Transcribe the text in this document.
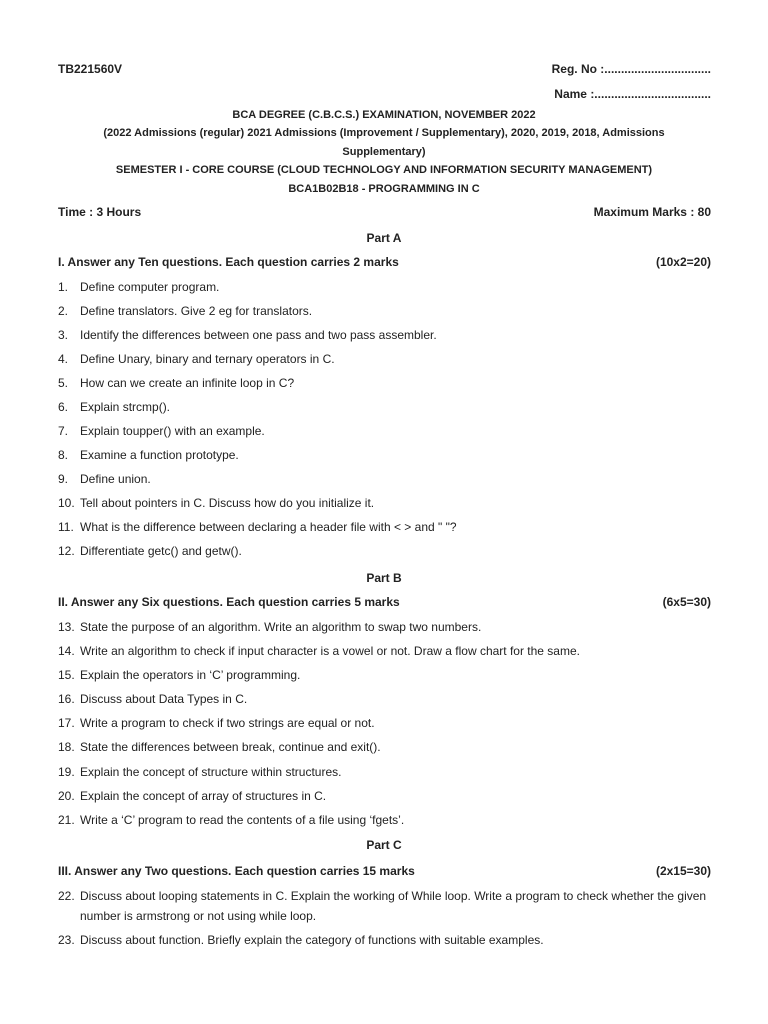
TB221560V	Reg. No :................................
Name :...................................
BCA DEGREE (C.B.C.S.) EXAMINATION, NOVEMBER 2022
(2022 Admissions (regular) 2021 Admissions (Improvement / Supplementary), 2020, 2019, 2018, Admissions
Supplementary)
SEMESTER I - CORE COURSE (CLOUD TECHNOLOGY AND INFORMATION SECURITY MANAGEMENT)
BCA1B02B18 - PROGRAMMING IN C
Time : 3 Hours	Maximum Marks : 80
Part A
I. Answer any Ten questions. Each question carries 2 marks	(10x2=20)
1. Define computer program.
2. Define translators. Give 2 eg for translators.
3. Identify the differences between one pass and two pass assembler.
4. Define Unary, binary and ternary operators in C.
5. How can we create an infinite loop in C?
6. Explain strcmp().
7. Explain toupper() with an example.
8. Examine a function prototype.
9. Define union.
10. Tell about pointers in C. Discuss how do you initialize it.
11. What is the difference between declaring a header file with < > and " "?
12. Differentiate getc() and getw().
Part B
II. Answer any Six questions. Each question carries 5 marks	(6x5=30)
13. State the purpose of an algorithm. Write an algorithm to swap two numbers.
14. Write an algorithm to check if input character is a vowel or not. Draw a flow chart for the same.
15. Explain the operators in ‘C’ programming.
16. Discuss about Data Types in C.
17. Write a program to check if two strings are equal or not.
18. State the differences between break, continue and exit().
19. Explain the concept of structure within structures.
20. Explain the concept of array of structures in C.
21. Write a ‘C’ program to read the contents of a file using ‘fgets’.
Part C
III. Answer any Two questions. Each question carries 15 marks	(2x15=30)
22. Discuss about looping statements in C. Explain the working of While loop. Write a program to check whether the given number is armstrong or not using while loop.
23. Discuss about function. Briefly explain the category of functions with suitable examples.
